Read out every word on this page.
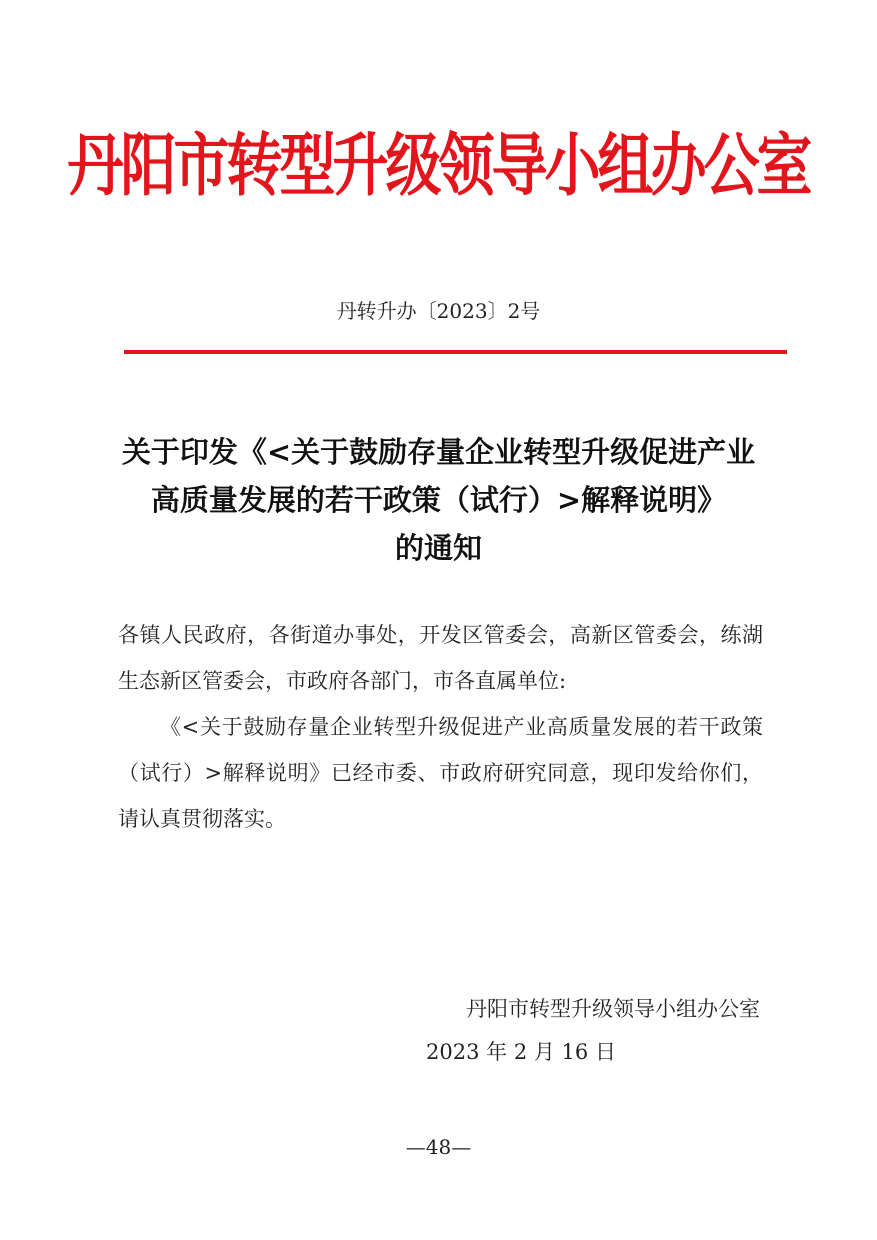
丹阳市转型升级领导小组办公室
丹转升办〔2023〕2号
关于印发《<关于鼓励存量企业转型升级促进产业
高质量发展的若干政策（试行）>解释说明》
的通知

各镇人民政府，各街道办事处，开发区管委会，高新区管委会，练湖生态新区管委会，市政府各部门，市各直属单位:

《<关于鼓励存量企业转型升级促进产业高质量发展的若干政策（试行）>解释说明》已经市委、市政府研究同意，现印发给你们，请认真贯彻落实。

丹阳市转型升级领导小组办公室
2023 年 2 月 16 日
—48—
